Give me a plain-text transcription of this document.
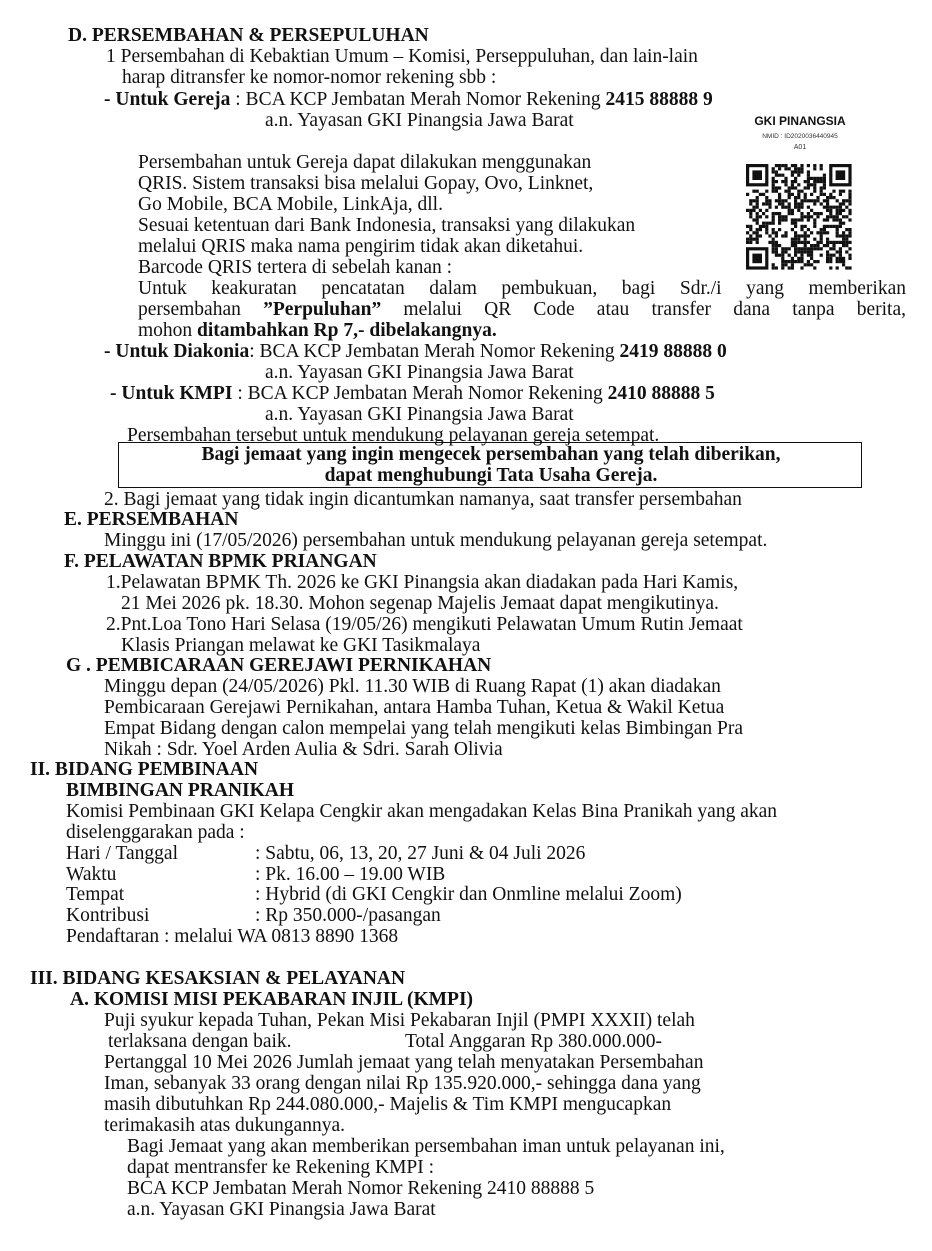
D. PERSEMBAHAN & PERSEPULUHAN
1 Persembahan di Kebaktian Umum – Komisi, Perseppuluhan, dan lain-lain
harap ditransfer ke nomor-nomor rekening sbb :
- Untuk Gereja : BCA KCP Jembatan Merah Nomor Rekening 2415 88888 9
a.n. Yayasan GKI Pinangsia Jawa Barat	GKI PINANGSIA
NMID : ID2020036440945
A01
Persembahan untuk Gereja dapat dilakukan menggunakan
QRIS. Sistem transaksi bisa melalui Gopay, Ovo, Linknet,
Go Mobile, BCA Mobile, LinkAja, dll.
Sesuai ketentuan dari Bank Indonesia, transaksi yang dilakukan
melalui QRIS maka nama pengirim tidak akan diketahui.
Barcode QRIS tertera di sebelah kanan :
Untuk keakuratan pencatatan dalam pembukuan, bagi Sdr./i yang memberikan
persembahan ”Perpuluhan” melalui QR Code atau transfer dana tanpa berita,
mohon ditambahkan Rp 7,- dibelakangnya.
- Untuk Diakonia: BCA KCP Jembatan Merah Nomor Rekening 2419 88888 0
a.n. Yayasan GKI Pinangsia Jawa Barat
- Untuk KMPI : BCA KCP Jembatan Merah Nomor Rekening 2410 88888 5
a.n. Yayasan GKI Pinangsia Jawa Barat
Persembahan tersebut untuk mendukung pelayanan gereja setempat.
Bagi jemaat yang ingin mengecek persembahan yang telah diberikan,
dapat menghubungi Tata Usaha Gereja.
2. Bagi jemaat yang tidak ingin dicantumkan namanya, saat transfer persembahan
E. PERSEMBAHAN
Minggu ini (17/05/2026) persembahan untuk mendukung pelayanan gereja setempat.
F. PELAWATAN BPMK PRIANGAN
1.Pelawatan BPMK Th. 2026 ke GKI Pinangsia akan diadakan pada Hari Kamis,
21 Mei 2026 pk. 18.30. Mohon segenap Majelis Jemaat dapat mengikutinya.
2.Pnt.Loa Tono Hari Selasa (19/05/26) mengikuti Pelawatan Umum Rutin Jemaat
Klasis Priangan melawat ke GKI Tasikmalaya
G . PEMBICARAAN GEREJAWI PERNIKAHAN
Minggu depan (24/05/2026) Pkl. 11.30 WIB di Ruang Rapat (1) akan diadakan
Pembicaraan Gerejawi Pernikahan, antara Hamba Tuhan, Ketua & Wakil Ketua
Empat Bidang dengan calon mempelai yang telah mengikuti kelas Bimbingan Pra
Nikah : Sdr. Yoel Arden Aulia & Sdri. Sarah Olivia
II. BIDANG PEMBINAAN
BIMBINGAN PRANIKAH
Komisi Pembinaan GKI Kelapa Cengkir akan mengadakan Kelas Bina Pranikah yang akan
diselenggarakan pada :
Hari / Tanggal	: Sabtu, 06, 13, 20, 27 Juni & 04 Juli 2026
Waktu	: Pk. 16.00 – 19.00 WIB
Tempat	: Hybrid (di GKI Cengkir dan Onmline melalui Zoom)
Kontribusi	: Rp 350.000-/pasangan
Pendaftaran : melalui WA 0813 8890 1368
III. BIDANG KESAKSIAN & PELAYANAN
A. KOMISI MISI PEKABARAN INJIL (KMPI)
Puji syukur kepada Tuhan, Pekan Misi Pekabaran Injil (PMPI XXXII) telah
terlaksana dengan baik.	Total Anggaran Rp 380.000.000-
Pertanggal 10 Mei 2026 Jumlah jemaat yang telah menyatakan Persembahan
Iman, sebanyak 33 orang dengan nilai Rp 135.920.000,- sehingga dana yang
masih dibutuhkan Rp 244.080.000,- Majelis & Tim KMPI mengucapkan
terimakasih atas dukungannya.
Bagi Jemaat yang akan memberikan persembahan iman untuk pelayanan ini,
dapat mentransfer ke Rekening KMPI :
BCA KCP Jembatan Merah Nomor Rekening 2410 88888 5
a.n. Yayasan GKI Pinangsia Jawa Barat
